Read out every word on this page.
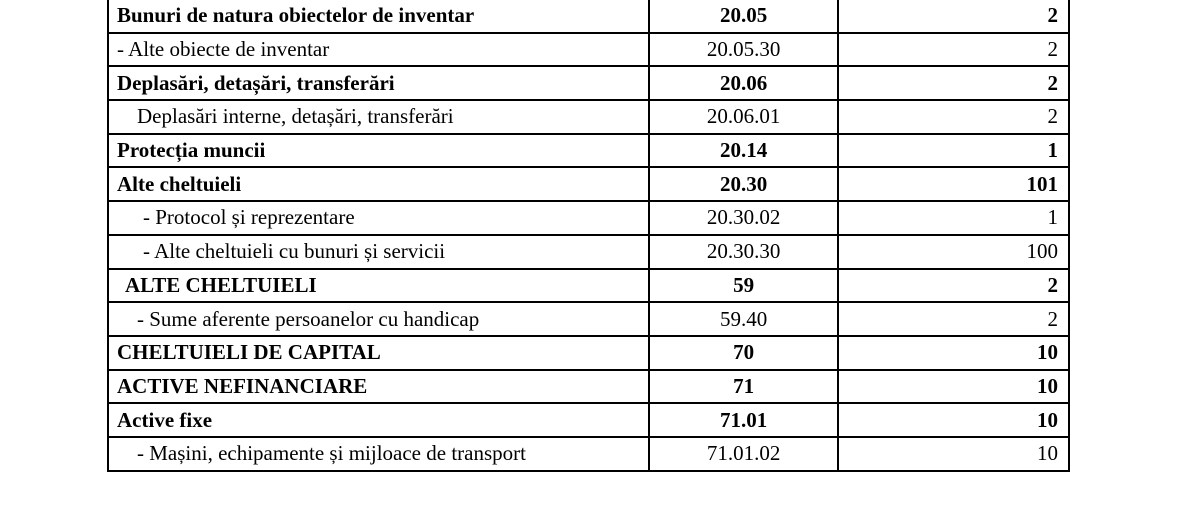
Bunuri de natura obiectelor de inventar	20.05	2
- Alte obiecte de inventar	20.05.30	2
Deplasări, detașări, transferări	20.06	2
Deplasări interne, detașări, transferări	20.06.01	2
Protecția muncii	20.14	1
Alte cheltuieli	20.30	101
- Protocol și reprezentare	20.30.02	1
- Alte cheltuieli cu bunuri și servicii	20.30.30	100
ALTE CHELTUIELI	59	2
- Sume aferente persoanelor cu handicap	59.40	2
CHELTUIELI DE CAPITAL	70	10
ACTIVE NEFINANCIARE	71	10
Active fixe	71.01	10
- Mașini, echipamente și mijloace de transport	71.01.02	10
